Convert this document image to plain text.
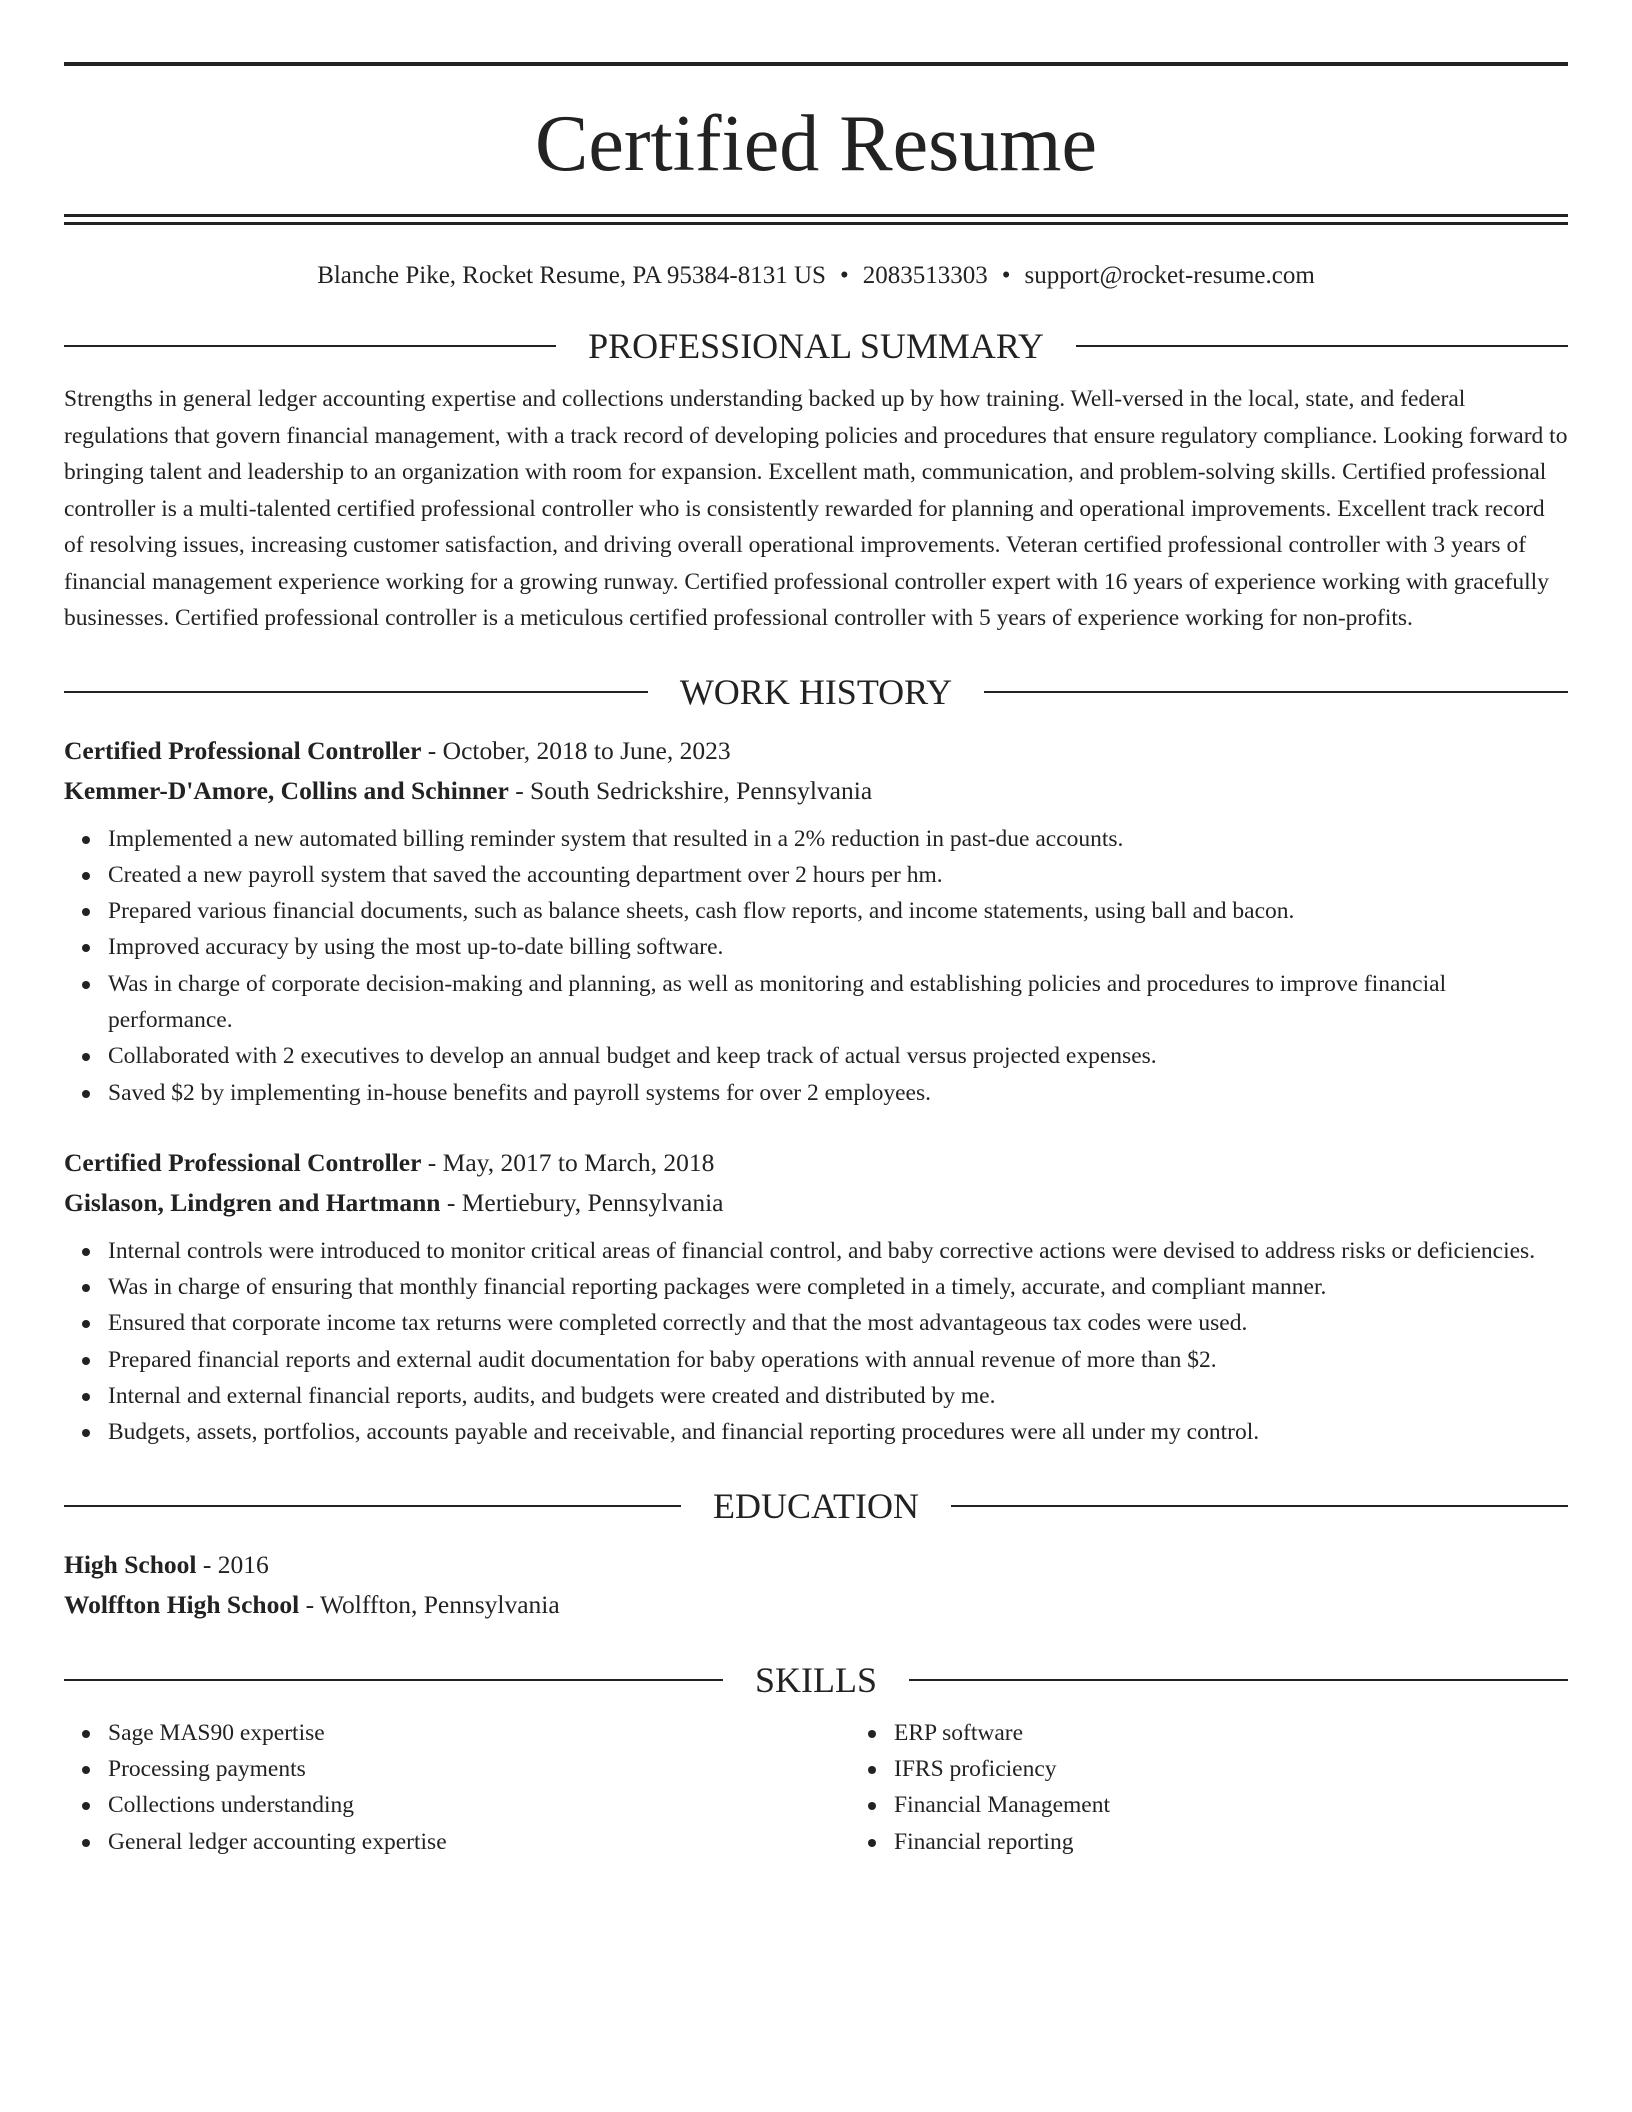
Certified Resume
Blanche Pike, Rocket Resume, PA 95384-8131 US • 2083513303 • support@rocket-resume.com
PROFESSIONAL SUMMARY

Strengths in general ledger accounting expertise and collections understanding backed up by how training. Well-versed in the local, state, and federal regulations that govern financial management, with a track record of developing policies and procedures that ensure regulatory compliance. Looking forward to bringing talent and leadership to an organization with room for expansion. Excellent math, communication, and problem-solving skills. Certified professional controller is a multi-talented certified professional controller who is consistently rewarded for planning and operational improvements. Excellent track record of resolving issues, increasing customer satisfaction, and driving overall operational improvements. Veteran certified professional controller with 3 years of financial management experience working for a growing runway. Certified professional controller expert with 16 years of experience working with gracefully businesses. Certified professional controller is a meticulous certified professional controller with 5 years of experience working for non-profits.

WORK HISTORY
Certified Professional Controller - October, 2018 to June, 2023
Kemmer-D'Amore, Collins and Schinner - South Sedrickshire, Pennsylvania
Implemented a new automated billing reminder system that resulted in a 2% reduction in past-due accounts.
Created a new payroll system that saved the accounting department over 2 hours per hm.
Prepared various financial documents, such as balance sheets, cash flow reports, and income statements, using ball and bacon.
Improved accuracy by using the most up-to-date billing software.
Was in charge of corporate decision-making and planning, as well as monitoring and establishing policies and procedures to improve financial performance.
Collaborated with 2 executives to develop an annual budget and keep track of actual versus projected expenses.
Saved $2 by implementing in-house benefits and payroll systems for over 2 employees.
Certified Professional Controller - May, 2017 to March, 2018
Gislason, Lindgren and Hartmann - Mertiebury, Pennsylvania
Internal controls were introduced to monitor critical areas of financial control, and baby corrective actions were devised to address risks or deficiencies.
Was in charge of ensuring that monthly financial reporting packages were completed in a timely, accurate, and compliant manner.
Ensured that corporate income tax returns were completed correctly and that the most advantageous tax codes were used.
Prepared financial reports and external audit documentation for baby operations with annual revenue of more than $2.
Internal and external financial reports, audits, and budgets were created and distributed by me.
Budgets, assets, portfolios, accounts payable and receivable, and financial reporting procedures were all under my control.
EDUCATION
High School - 2016
Wolffton High School - Wolffton, Pennsylvania
SKILLS
Sage MAS90 expertise
Processing payments
Collections understanding
General ledger accounting expertise
ERP software
IFRS proficiency
Financial Management
Financial reporting
